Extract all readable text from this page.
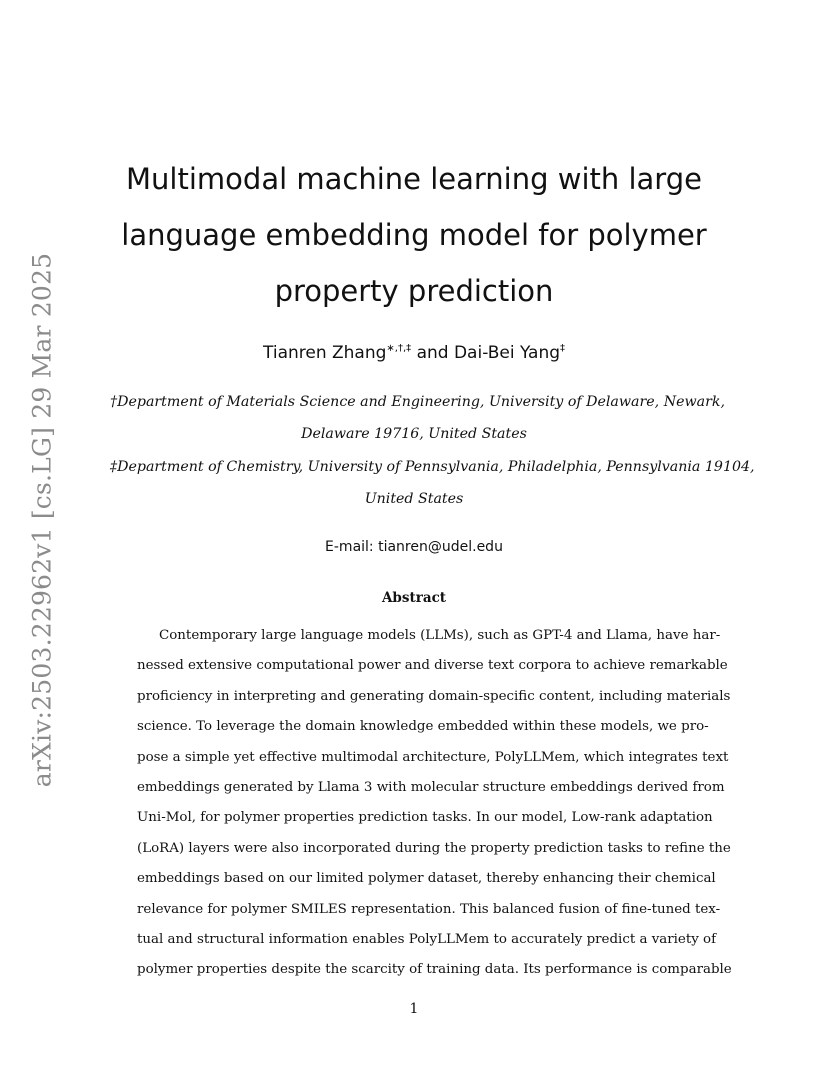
arXiv:2503.22962v1 [cs.LG] 29 Mar 2025
Multimodal machine learning with large
language embedding model for polymer
property prediction
Tianren Zhang∗,†,‡ and Dai-Bei Yang‡
†Department of Materials Science and Engineering, University of Delaware, Newark,
Delaware 19716, United States
‡Department of Chemistry, University of Pennsylvania, Philadelphia, Pennsylvania 19104,
United States
E-mail: tianren@udel.edu
Abstract
Contemporary large language models (LLMs), such as GPT-4 and Llama, have har-
nessed extensive computational power and diverse text corpora to achieve remarkable
proficiency in interpreting and generating domain-specific content, including materials
science. To leverage the domain knowledge embedded within these models, we pro-
pose a simple yet effective multimodal architecture, PolyLLMem, which integrates text
embeddings generated by Llama 3 with molecular structure embeddings derived from
Uni-Mol, for polymer properties prediction tasks. In our model, Low-rank adaptation
(LoRA) layers were also incorporated during the property prediction tasks to refine the
embeddings based on our limited polymer dataset, thereby enhancing their chemical
relevance for polymer SMILES representation. This balanced fusion of fine-tuned tex-
tual and structural information enables PolyLLMem to accurately predict a variety of
polymer properties despite the scarcity of training data. Its performance is comparable
1
